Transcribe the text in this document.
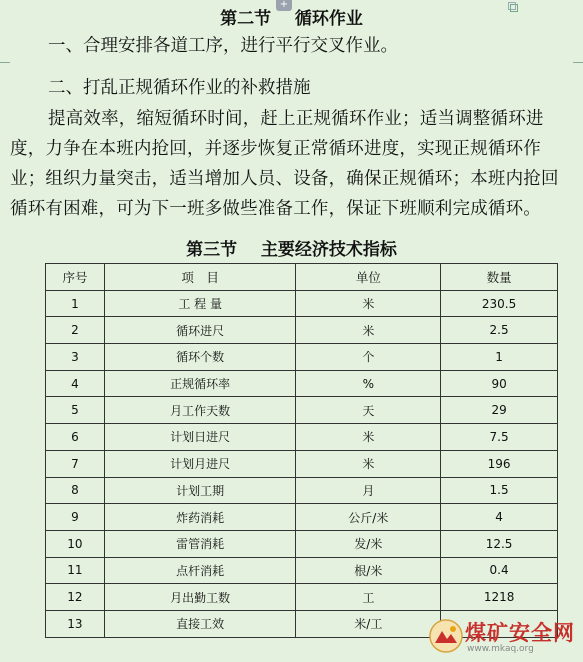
+
第二节    循环作业
一、合理安排各道工序，进行平行交叉作业。
二、打乱正规循环作业的补救措施
提高效率，缩短循环时间，赶上正规循环作业；适当调整循环进度，力争在本班内抢回，并逐步恢复正常循环进度，实现正规循环作业；组织力量突击，适当增加人员、设备，确保正规循环；本班内抢回循环有困难，可为下一班多做些准备工作，保证下班顺利完成循环。
第三节    主要经济技术指标
序号	项　目	单位	数量
1	工 程 量	米	230.5
2	循环进尺	米	2.5
3	循环个数	个	1
4	正规循环率	%	90
5	月工作天数	天	29
6	计划日进尺	米	7.5
7	计划月进尺	米	196
8	计划工期	月	1.5
9	炸药消耗	公斤/米	4
10	雷管消耗	发/米	12.5
11	点杆消耗	根/米	0.4
12	月出勤工数	工	1218
13	直接工效	米/工		煤矿安全网
www.mkaq.org
